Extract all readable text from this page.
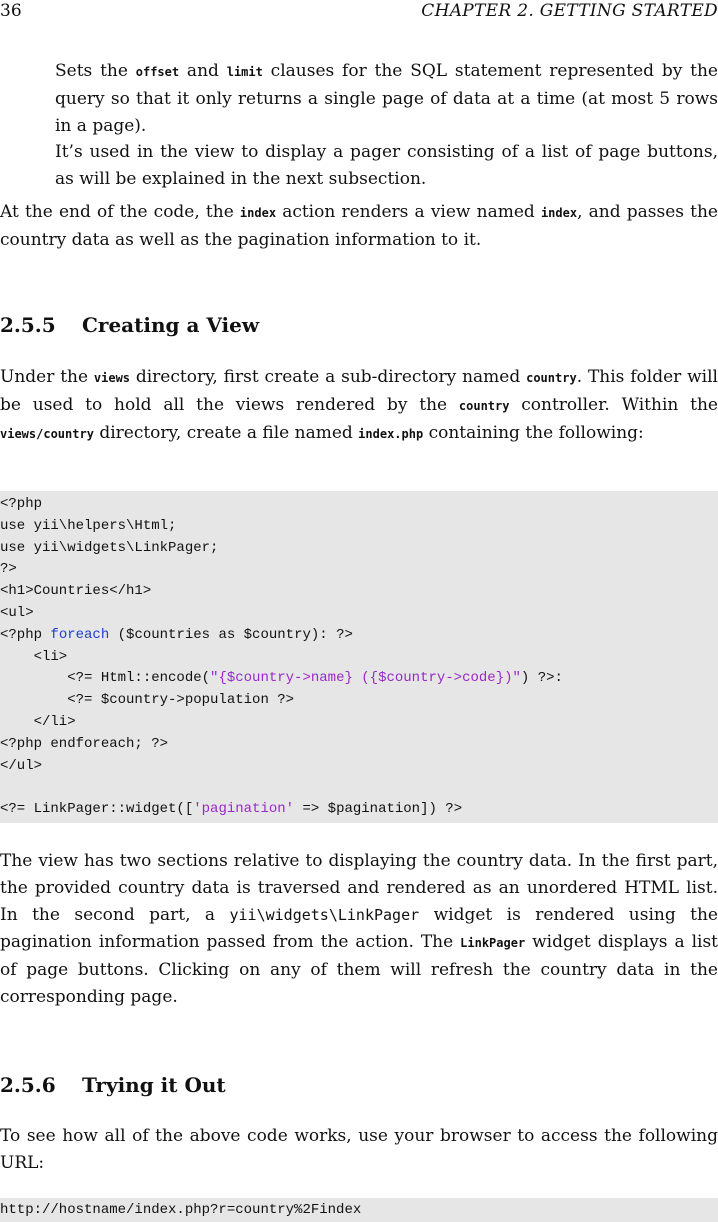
36	CHAPTER 2. GETTING STARTED

Sets the offset and limit clauses for the SQL statement represented by the query so that it only returns a single page of data at a time (at most 5 rows in a page).

It’s used in the view to display a pager consisting of a list of page buttons, as will be explained in the next subsection.

At the end of the code, the index action renders a view named index, and passes the country data as well as the pagination information to it.

2.5.5 Creating a View

Under the views directory, first create a sub-directory named country. This folder will be used to hold all the views rendered by the country controller. Within the views/country directory, create a file named index.php containing the following:

<?php
use yii\helpers\Html;
use yii\widgets\LinkPager;
?>
<h1>Countries</h1>
<ul>
<?php foreach ($countries as $country): ?>
<li>
<?= Html::encode("{$country->name} ({$country->code})") ?>:
<?= $country->population ?>
</li>
<?php endforeach; ?>
</ul>
<?= LinkPager::widget(['pagination' => $pagination]) ?>

The view has two sections relative to displaying the country data. In the first part, the provided country data is traversed and rendered as an unordered HTML list. In the second part, a yii\widgets\LinkPager widget is rendered using the pagination information passed from the action. The LinkPager widget displays a list of page buttons. Clicking on any of them will refresh the country data in the corresponding page.

2.5.6 Trying it Out

To see how all of the above code works, use your browser to access the following URL:

http://hostname/index.php?r=country%2Findex
